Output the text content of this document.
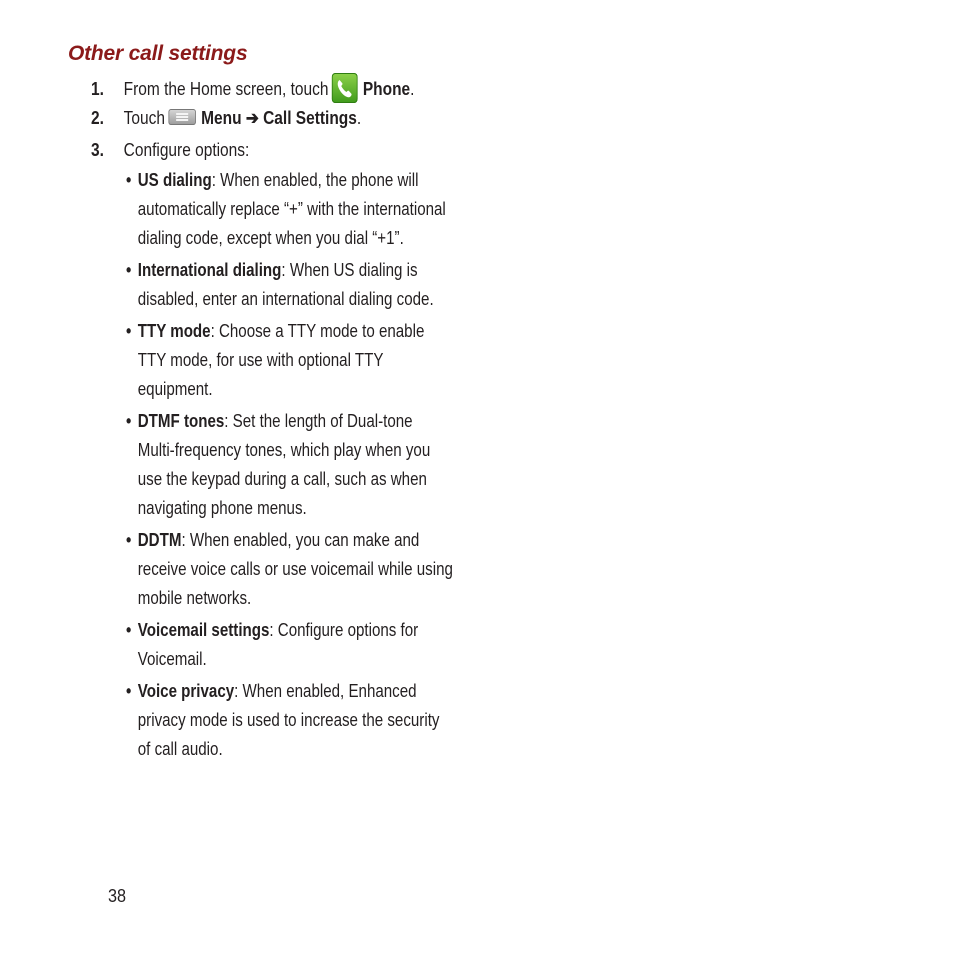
Other call settings
1. From the Home screen, touch Phone.
2. Touch Menu ➔ Call Settings.
3. Configure options:
• US dialing: When enabled, the phone will automatically replace “+” with the international dialing code, except when you dial “+1”.
• International dialing: When US dialing is disabled, enter an international dialing code.
• TTY mode: Choose a TTY mode to enable TTY mode, for use with optional TTY equipment.
• DTMF tones: Set the length of Dual-tone Multi-frequency tones, which play when you use the keypad during a call, such as when navigating phone menus.
• DDTM: When enabled, you can make and receive voice calls or use voicemail while using mobile networks.
• Voicemail settings: Configure options for Voicemail.
• Voice privacy: When enabled, Enhanced privacy mode is used to increase the security of call audio.
38
